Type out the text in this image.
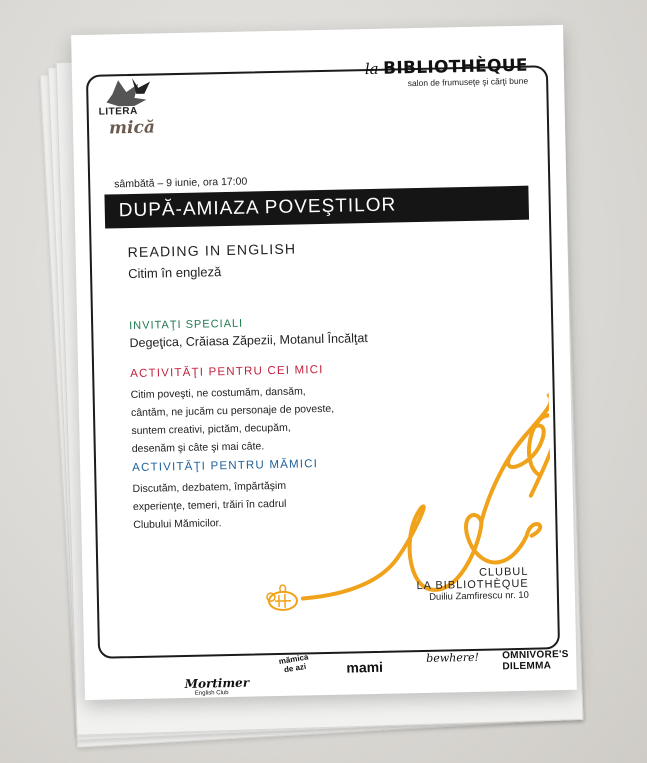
LITERA
mică
la BIBLIOTHÈQUE
salon de frumuseţe şi cărţi bune
sâmbătă – 9 iunie, ora 17:00
DUPĂ-AMIAZA POVEŞTILOR
READING IN ENGLISH
Citim în engleză
INVITAŢI SPECIALI
Degeţica, Crăiasa Zăpezii, Motanul Încălţat
ACTIVITĂŢI PENTRU CEI MICI
Citim poveşti, ne costumăm, dansăm,
cântăm, ne jucăm cu personaje de poveste,
suntem creativi, pictăm, decupăm,
desenăm şi câte şi mai câte.
ACTIVITĂŢI PENTRU MĂMICI
Discutăm, dezbatem, împărtăşim
experienţe, temeri, trăiri în cadrul
Clubului Mămicilor.
CLUBUL
LA BIBLIOTHÈQUE
Duiliu Zamfirescu nr. 10
Mortimer
English Club
mămica de azi	mami
bewhere! OMNIVORE'S DILEMMA
